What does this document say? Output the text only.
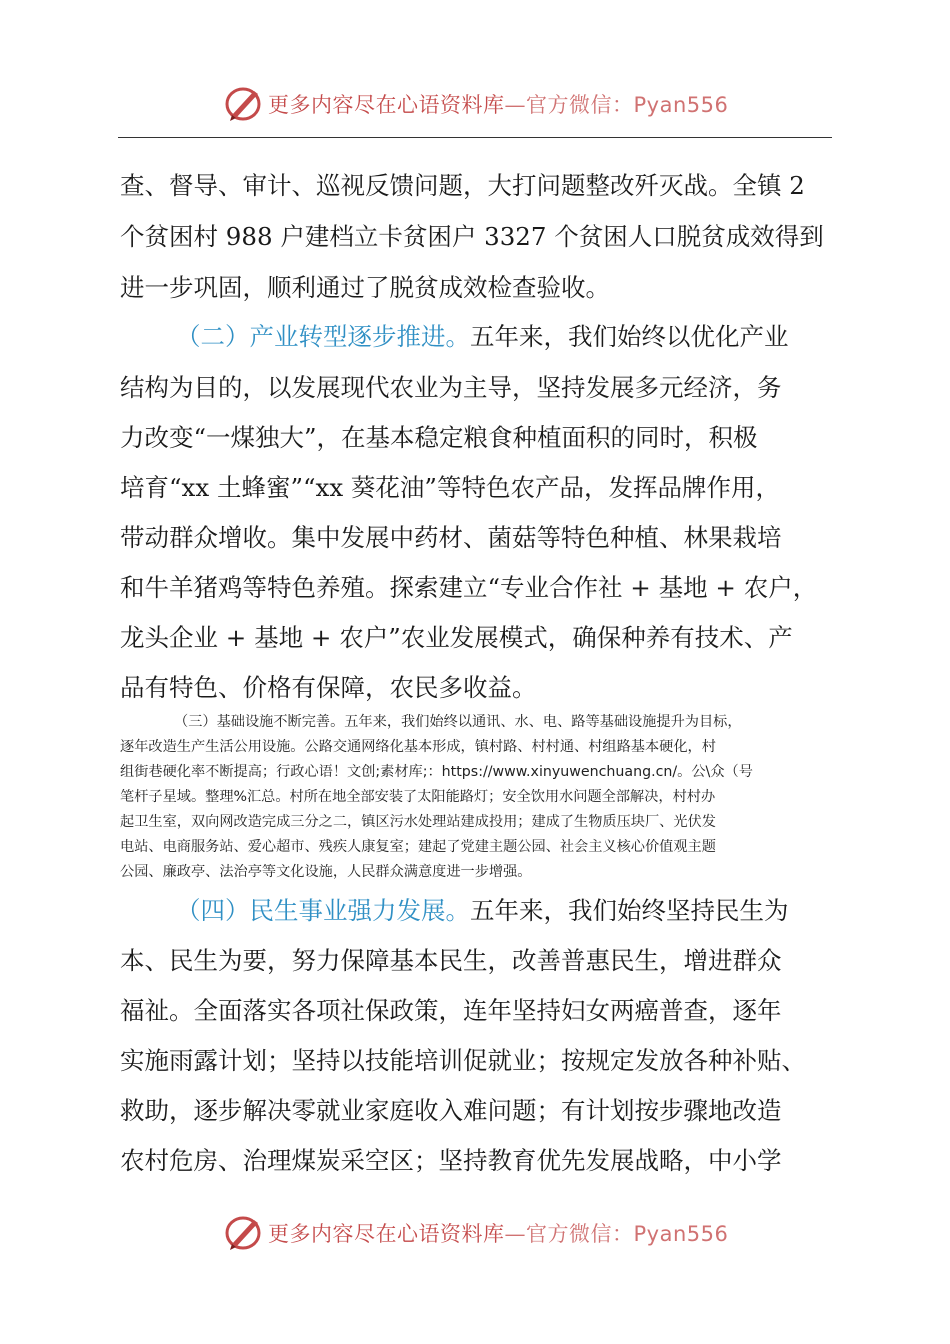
更多内容尽在心语资料库—官方微信：Pyan556
查、督导、审计、巡视反馈问题，大打问题整改歼灭战。全镇 2
个贫困村 988 户建档立卡贫困户 3327 个贫困人口脱贫成效得到
进一步巩固，顺利通过了脱贫成效检查验收。
（二）产业转型逐步推进。五年来，我们始终以优化产业
结构为目的，以发展现代农业为主导，坚持发展多元经济，务
力改变“一煤独大”，在基本稳定粮食种植面积的同时，积极
培育“xx 土蜂蜜”“xx 葵花油”等特色农产品，发挥品牌作用，
带动群众增收。集中发展中药材、菌菇等特色种植、林果栽培
和牛羊猪鸡等特色养殖。探索建立“专业合作社 + 基地 + 农户，
龙头企业 + 基地 + 农户”农业发展模式，确保种养有技术、产
品有特色、价格有保障，农民多收益。
（三）基础设施不断完善。五年来，我们始终以通讯、水、电、路等基础设施提升为目标，
逐年改造生产生活公用设施。公路交通网络化基本形成，镇村路、村村通、村组路基本硬化，村
组街巷硬化率不断提高；行政心语！文创;素材库;：https://www.xinyuwenchuang.cn/。公\众（号
笔杆子星域。整理%汇总。村所在地全部安装了太阳能路灯；安全饮用水问题全部解决，村村办
起卫生室，双向网改造完成三分之二，镇区污水处理站建成投用；建成了生物质压块厂、光伏发
电站、电商服务站、爱心超市、残疾人康复室；建起了党建主题公园、社会主义核心价值观主题
公园、廉政亭、法治亭等文化设施，人民群众满意度进一步增强。
（四）民生事业强力发展。五年来，我们始终坚持民生为
本、民生为要，努力保障基本民生，改善普惠民生，增进群众
福祉。全面落实各项社保政策，连年坚持妇女两癌普查，逐年
实施雨露计划；坚持以技能培训促就业；按规定发放各种补贴、
救助，逐步解决零就业家庭收入难问题；有计划按步骤地改造
农村危房、治理煤炭采空区；坚持教育优先发展战略，中小学
更多内容尽在心语资料库—官方微信：Pyan556
